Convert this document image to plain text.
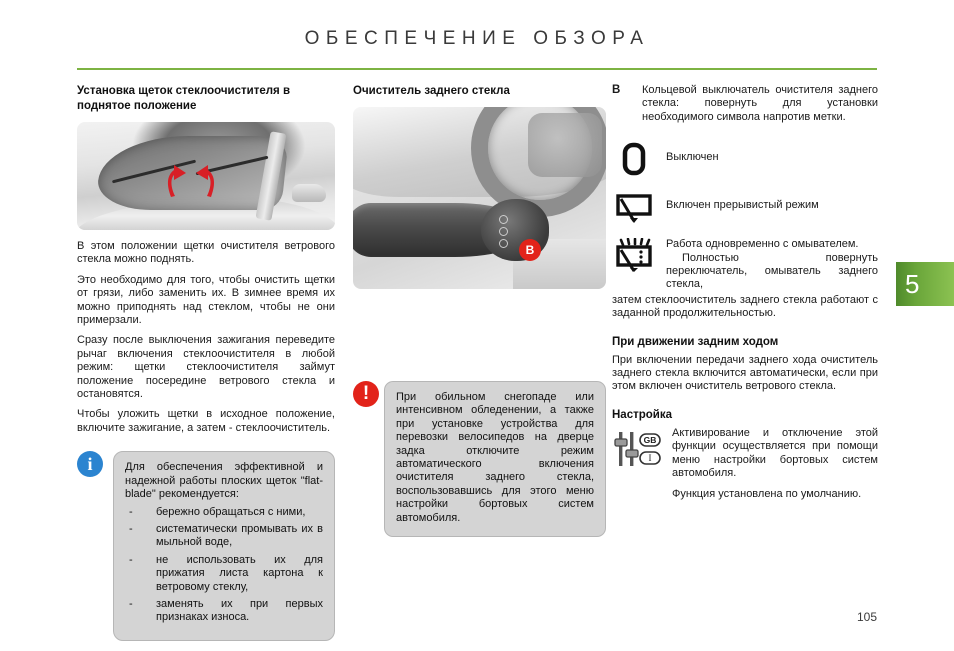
ОБЕСПЕЧЕНИЕ ОБЗОРА
Установка щеток стеклоочистителя в поднятое положение

В этом положении щетки очистителя ветрового стекла можно поднять.

Это необходимо для того, чтобы очистить щетки от грязи, либо заменить их. В зимнее время их можно приподнять над стеклом, чтобы не они примерзали.

Сразу после выключения зажигания переведите рычаг включения стеклоочистителя в любой режим: щетки стеклоочистителя займут положение посередине ветрового стекла и остановятся.

Чтобы уложить щетки в исходное положение, включите зажигание, а затем - стеклоочиститель.

i	Для обеспечения эффективной и надежной работы плоских щеток "flat-blade" рекомендуется:
- бережно обращаться с ними,
- систематически промывать их в мыльной воде,
- не использовать их для прижатия листа картона к ветровому стеклу,
- заменять их при первых признаках износа.
Очиститель заднего стекла
B
!	При обильном снегопаде или интенсивном обледенении, а также при установке устройства для перевозки велосипедов на дверце задка отключите режим автоматического включения очистителя заднего стекла, воспользовавшись для этого меню настройки бортовых систем автомобиля.
B Кольцевой выключатель очистителя заднего стекла: повернуть для установки необходимого символа напротив метки.

Выключен
Включен прерывистый режим

Работа одновременно с омывателем.

Полностью повернуть переключатель, омыватель заднего стекла,

затем стеклоочиститель заднего стекла работают с заданной продолжительностью.

При движении задним ходом

При включении передачи заднего хода очиститель заднего стекла включится автоматически, если при этом включен очиститель ветрового стекла.

Настройка
GB
I

Активирование и отключение этой функции осуществляется при помощи меню настройки бортовых систем автомобиля.

Функция установлена по умолчанию.

5
105
